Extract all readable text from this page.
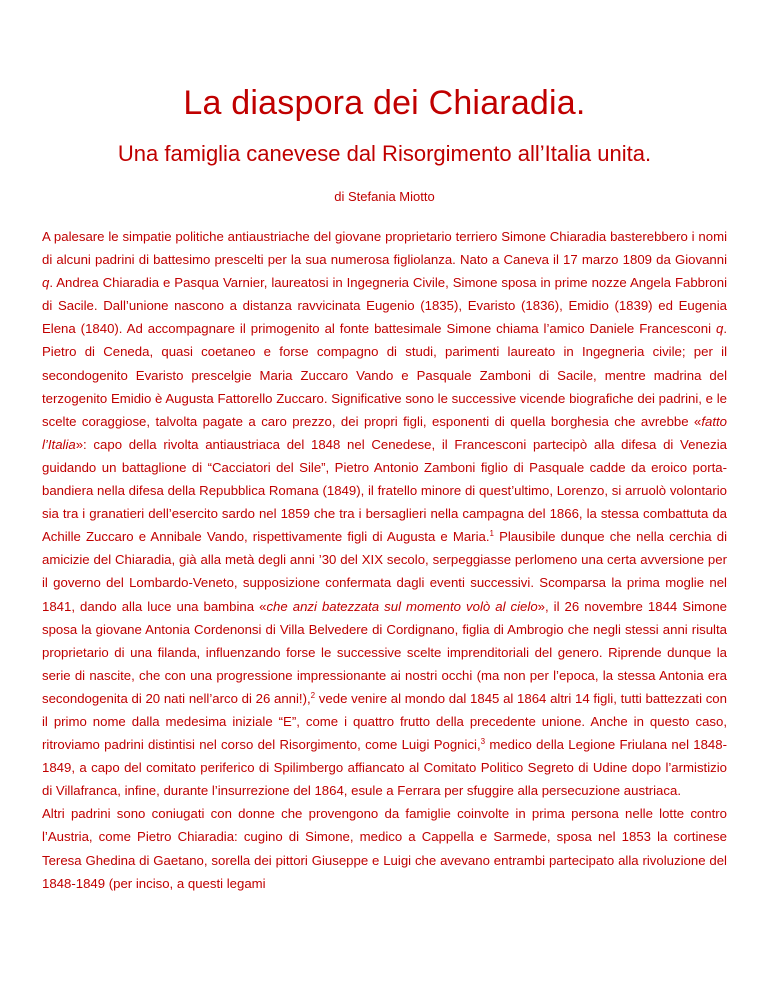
La diaspora dei Chiaradia.
Una famiglia canevese dal Risorgimento all’Italia unita.

di Stefania Miotto

A palesare le simpatie politiche antiaustriache del giovane proprietario terriero Simone Chiaradia basterebbero i nomi di alcuni padrini di battesimo prescelti per la sua numerosa figliolanza. Nato a Caneva il 17 marzo 1809 da Giovanni q. Andrea Chiaradia e Pasqua Varnier, laureatosi in Ingegneria Civile, Simone sposa in prime nozze Angela Fabbroni di Sacile. Dall’unione nascono a distanza ravvicinata Eugenio (1835), Evaristo (1836), Emidio (1839) ed Eugenia Elena (1840). Ad accompagnare il primogenito al fonte battesimale Simone chiama l’amico Daniele Francesconi q. Pietro di Ceneda, quasi coetaneo e forse compagno di studi, parimenti laureato in Ingegneria civile; per il secondogenito Evaristo prescelgie Maria Zuccaro Vando e Pasquale Zamboni di Sacile, mentre madrina del terzogenito Emidio è Augusta Fattorello Zuccaro. Significative sono le successive vicende biografiche dei padrini, e le scelte coraggiose, talvolta pagate a caro prezzo, dei propri figli, esponenti di quella borghesia che avrebbe «fatto l’Italia»: capo della rivolta antiaustriaca del 1848 nel Cenedese, il Francesconi partecipò alla difesa di Venezia guidando un battaglione di “Cacciatori del Sile”, Pietro Antonio Zamboni figlio di Pasquale cadde da eroico porta- bandiera nella difesa della Repubblica Romana (1849), il fratello minore di quest’ultimo, Lorenzo, si arruolò volontario sia tra i granatieri dell’esercito sardo nel 1859 che tra i bersaglieri nella campagna del 1866, la stessa combattuta da Achille Zuccaro e Annibale Vando, rispettivamente figli di Augusta e Maria.$^1$ Plausibile dunque che nella cerchia di amicizie del Chiaradia, già alla metà degli anni ’30 del XIX secolo, serpeggiasse perlomeno una certa avversione per il governo del Lombardo-Veneto, supposizione confermata dagli eventi successivi. Scomparsa la prima moglie nel 1841, dando alla luce una bambina «che anzi batezzata sul momento volò al cielo», il 26 novembre 1844 Simone sposa la giovane Antonia Cordenonsi di Villa Belvedere di Cordignano, figlia di Ambrogio che negli stessi anni risulta proprietario di una filanda, influenzando forse le successive scelte imprenditoriali del genero. Riprende dunque la serie di nascite, che con una progressione impressionante ai nostri occhi (ma non per l’epoca, la stessa Antonia era secondogenita di 20 nati nell’arco di 26 anni!),$^2$ vede venire al mondo dal 1845 al 1864 altri 14 figli, tutti battezzati con il primo nome dalla medesima iniziale “E”, come i quattro frutto della precedente unione. Anche in questo caso, ritroviamo padrini distintisi nel corso del Risorgimento, come Luigi Pognici,$^3$ medico della Legione Friulana nel 1848-1849, a capo del comitato periferico di Spilimbergo affiancato al Comitato Politico Segreto di Udine dopo l’armistizio di Villafranca, infine, durante l’insurrezione del 1864, esule a Ferrara per sfuggire alla persecuzione austriaca.

Altri padrini sono coniugati con donne che provengono da famiglie coinvolte in prima persona nelle lotte contro l’Austria, come Pietro Chiaradia: cugino di Simone, medico a Cappella e Sarmede, sposa nel 1853 la cortinese Teresa Ghedina di Gaetano, sorella dei pittori Giuseppe e Luigi che avevano entrambi partecipato alla rivoluzione del 1848-1849 (per inciso, a questi legami
